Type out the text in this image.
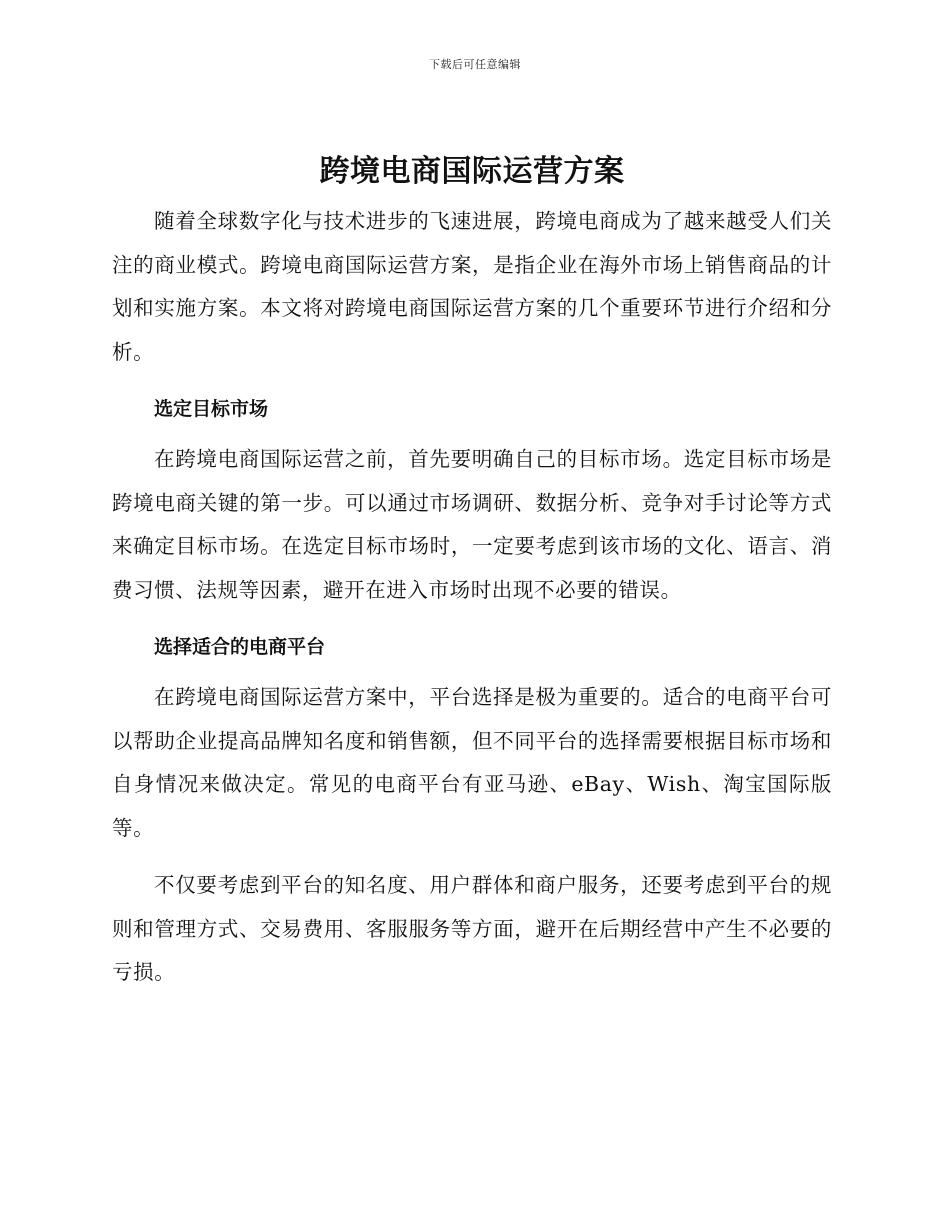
下载后可任意编辑
跨境电商国际运营方案

随着全球数字化与技术进步的飞速进展，跨境电商成为了越来越受人们关注的商业模式。跨境电商国际运营方案，是指企业在海外市场上销售商品的计划和实施方案。本文将对跨境电商国际运营方案的几个重要环节进行介绍和分析。

选定目标市场

在跨境电商国际运营之前，首先要明确自己的目标市场。选定目标市场是跨境电商关键的第一步。可以通过市场调研、数据分析、竞争对手讨论等方式来确定目标市场。在选定目标市场时，一定要考虑到该市场的文化、语言、消费习惯、法规等因素，避开在进入市场时出现不必要的错误。

选择适合的电商平台

在跨境电商国际运营方案中，平台选择是极为重要的。适合的电商平台可以帮助企业提高品牌知名度和销售额，但不同平台的选择需要根据目标市场和自身情况来做决定。常见的电商平台有亚马逊、eBay、Wish、淘宝国际版等。

不仅要考虑到平台的知名度、用户群体和商户服务，还要考虑到平台的规则和管理方式、交易费用、客服服务等方面，避开在后期经营中产生不必要的亏损。
